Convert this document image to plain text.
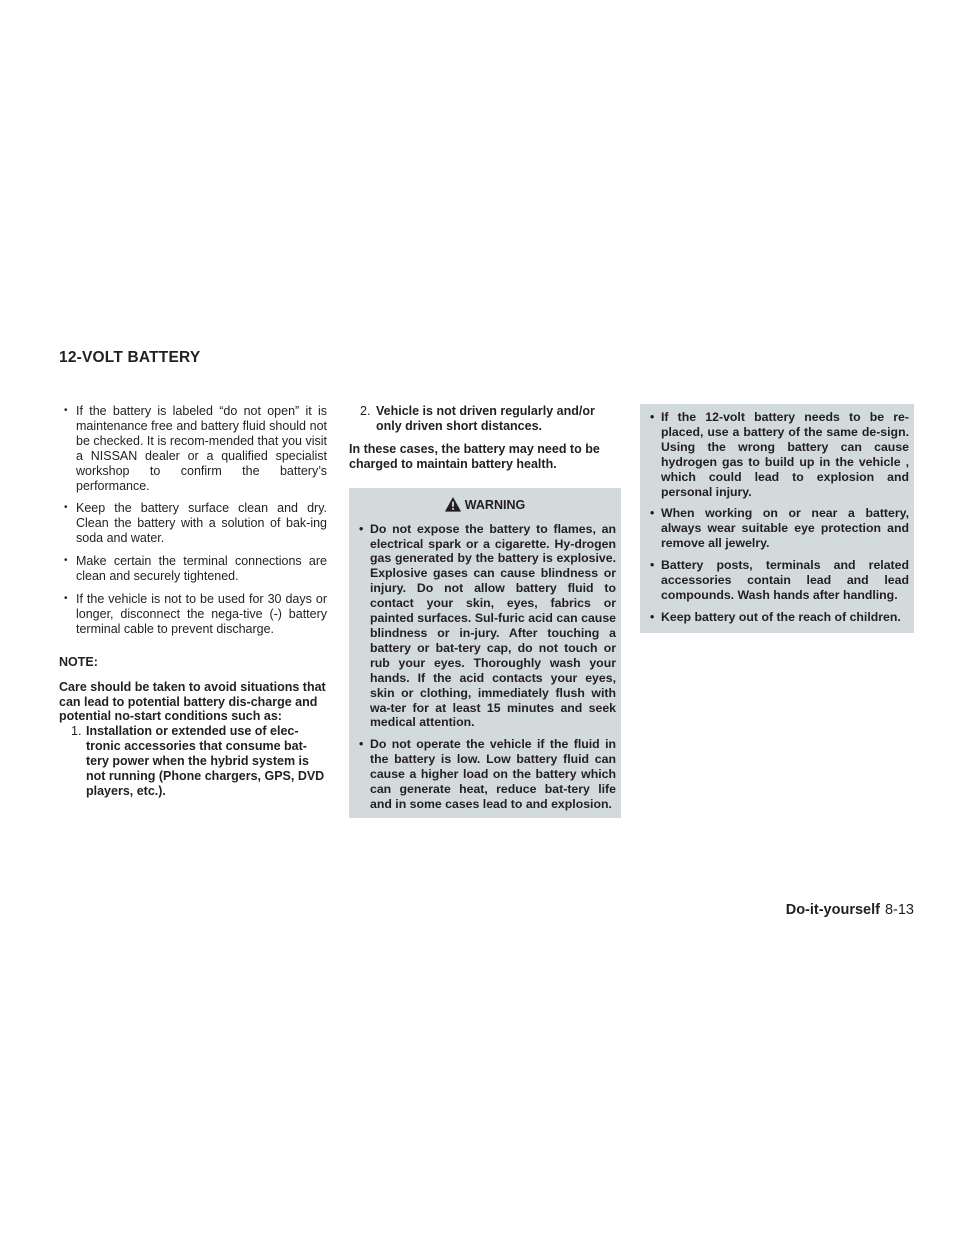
12-VOLT BATTERY

• If the battery is labeled “do not open” it is maintenance free and battery fluid should not be checked. It is recom-mended that you visit a NISSAN dealer or a qualified specialist workshop to confirm the battery’s performance.

• Keep the battery surface clean and dry. Clean the battery with a solution of bak-ing soda and water.

• Make certain the terminal connections are clean and securely tightened.

• If the vehicle is not to be used for 30 days or longer, disconnect the nega-tive (-) battery terminal cable to prevent discharge.

NOTE:

Care should be taken to avoid situations that can lead to potential battery dis-charge and potential no-start conditions such as:

1. Installation or extended use of elec-tronic accessories that consume bat-tery power when the hybrid system is not running (Phone chargers, GPS, DVD players, etc.).

2. Vehicle is not driven regularly and/or only driven short distances.

In these cases, the battery may need to be charged to maintain battery health.

WARNING

• Do not expose the battery to flames, an electrical spark or a cigarette. Hy-drogen gas generated by the battery is explosive. Explosive gases can cause blindness or injury. Do not allow battery fluid to contact your skin, eyes, fabrics or painted surfaces. Sul-furic acid can cause blindness or in-jury. After touching a battery or bat-tery cap, do not touch or rub your eyes. Thoroughly wash your hands. If the acid contacts your eyes, skin or clothing, immediately flush with wa-ter for at least 15 minutes and seek medical attention.

• Do not operate the vehicle if the fluid in the battery is low. Low battery fluid can cause a higher load on the battery which can generate heat, reduce bat-tery life and in some cases lead to and explosion.

• If the 12-volt battery needs to be re-placed, use a battery of the same de-sign. Using the wrong battery can cause hydrogen gas to build up in the vehicle , which could lead to explosion and personal injury.

• When working on or near a battery, always wear suitable eye protection and remove all jewelry.

• Battery posts, terminals and related accessories contain lead and lead compounds. Wash hands after handling.

• Keep battery out of the reach of children.

Do-it-yourself 8-13
